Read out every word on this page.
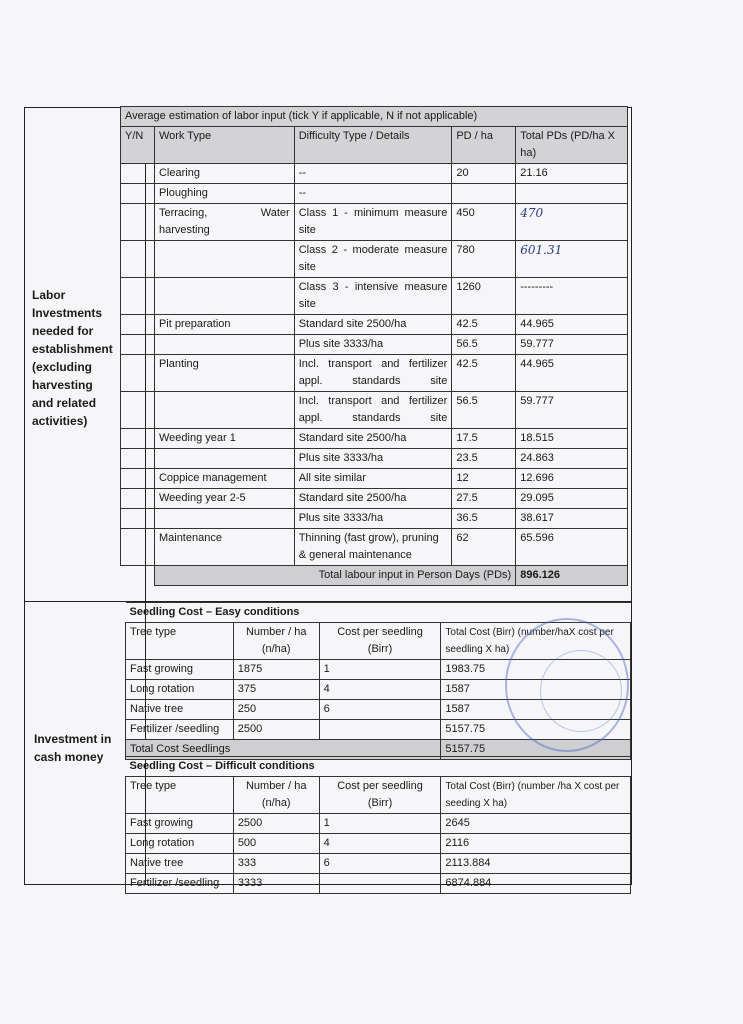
Labor
Investments
needed for
establishment
(excluding
harvesting
and related
activities)
Investment in
cash money
Average estimation of labor input (tick Y if applicable, N if not applicable)				
Y/N	Work Type	Difficulty Type / Details	PD / ha	Total PDs (PD/ha X ha)
	Clearing	--	20	21.16
	Ploughing	--		
	Terracing, Water harvesting	Class 1 - minimum measure site	450	470
		Class 2 - moderate measure site	780	601.31
		Class 3 - intensive measure site	1260	---------
	Pit preparation	Standard site 2500/ha	42.5	44.965
		Plus site 3333/ha	56.5	59.777
	Planting	Incl. transport and fertilizer appl. standards site	42.5	44.965
		Incl. transport and fertilizer appl. standards site	56.5	59.777
	Weeding year 1	Standard site 2500/ha	17.5	18.515
		Plus site 3333/ha	23.5	24.863
	Coppice management	All site similar	12	12.696
	Weeding year 2-5	Standard site 2500/ha	27.5	29.095
		Plus site 3333/ha	36.5	38.617
	Maintenance	Thinning (fast grow), pruning & general maintenance	62	65.596
	Total labour input in Person Days (PDs)			896.126
Seedling Cost – Easy conditions			
Tree type	Number / ha (n/ha)	Cost per seedling (Birr)	Total Cost (Birr) (number/haX cost per seedling X ha)
Fast growing	1875	1	1983.75
Long rotation	375	4	1587
Native tree	250	6	1587
Fertilizer /seedling	2500		5157.75
Total Cost Seedlings			5157.75
Seedling Cost – Difficult conditions			
Tree type	Number / ha (n/ha)	Cost per seedling (Birr)	Total Cost (Birr) (number /ha X cost per seeding X ha)
Fast growing	2500	1	2645
Long rotation	500	4	2116
Native tree	333	6	2113.884
Fertilizer /seedling	3333		6874.884
